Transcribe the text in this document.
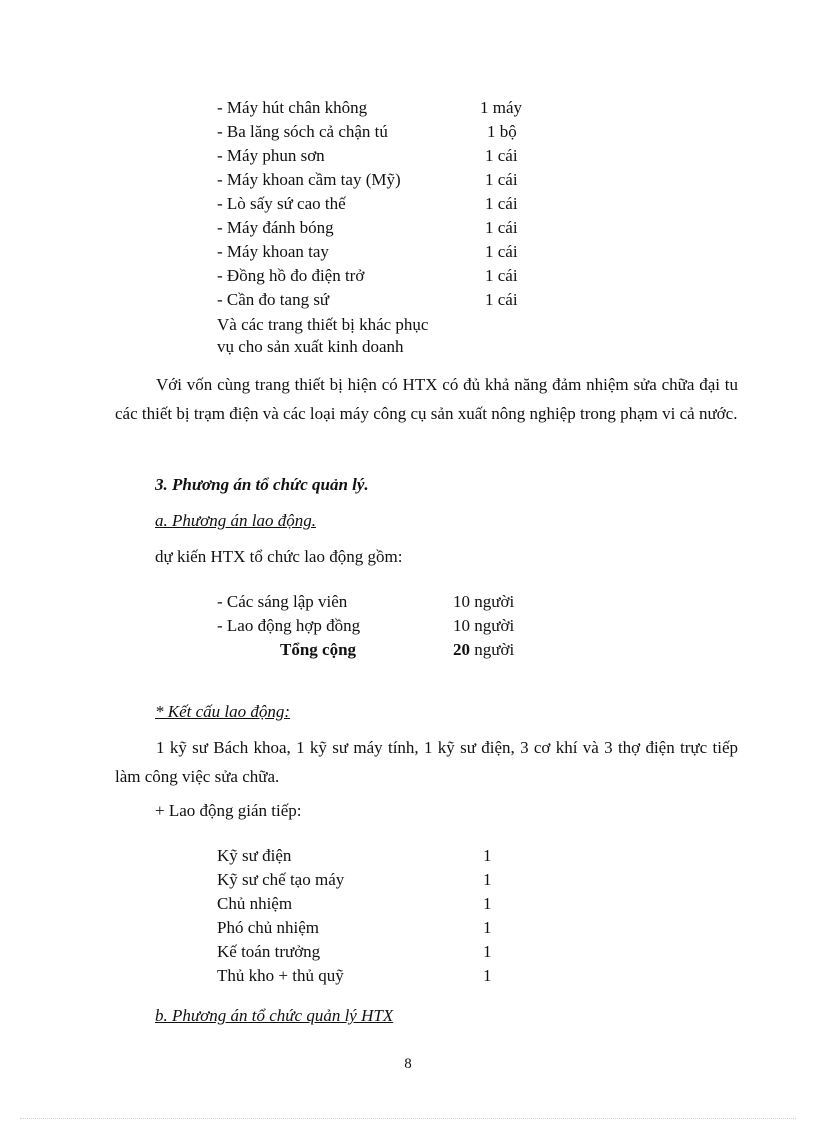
- Máy hút chân không	1 máy
- Ba lăng sóch cả chận tú	1 bộ
- Máy phun sơn	1 cái
- Máy khoan cầm tay (Mỹ)	1 cái
- Lò sấy sứ cao thế	1 cái
- Máy đánh bóng	1 cái
- Máy khoan tay	1 cái
- Đồng hồ đo điện trở	1 cái
- Cần đo tang sứ	1 cái
Và các trang thiết bị khác phục
vụ cho sản xuất kinh doanh
Với vốn cùng trang thiết bị hiện có HTX có đủ khả năng đảm nhiệm sửa chữa đại tu các thiết bị trạm điện và các loại máy công cụ sản xuất nông nghiệp trong phạm vi cả nước.
3. Phương án tổ chức quản lý.
a. Phương án lao động.
dự kiến HTX tổ chức lao động gồm:
- Các sáng lập viên	10 người
- Lao động hợp đồng	10 người
Tổng cộng	20 người
* Kết cấu lao động:
1 kỹ sư Bách khoa, 1 kỹ sư máy tính, 1 kỹ sư điện, 3 cơ khí và 3 thợ điện trực tiếp làm công việc sửa chữa.
+ Lao động gián tiếp:
Kỹ sư điện	1
Kỹ sư chế tạo máy	1
Chủ nhiệm	1
Phó chủ nhiệm	1
Kế toán trưởng	1
Thủ kho + thủ quỹ	1
b. Phương án tổ chức quản lý HTX
8
